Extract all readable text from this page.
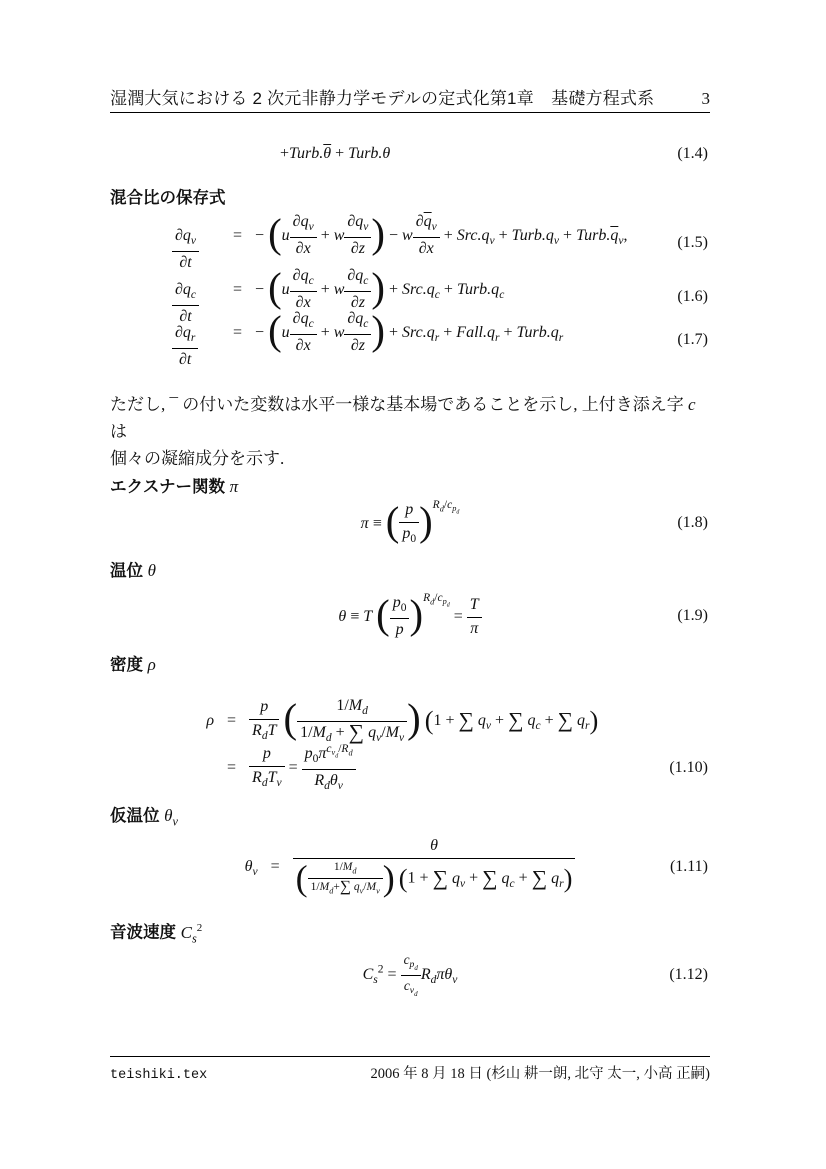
湿潤大気における 2 次元非静力学モデルの定式化第1章　基礎方程式系	3
$+Turb.\overline{\theta}$ + Turb.θ	(1.4)
混合比の保存式
$\frac{\partial q_v}{\partial t}$ = − ($u \frac{\partial q_v}{\partial x} + w \frac{\partial q_v}{\partial z}$ ) − w $\frac{\partial\overline{q}_v}{\partial x} + Src.q_v$ + $Turb.q_v$ + $Turb.\overline{q}_v$,	(1.5)
$\frac{\partial q_c}{\partial t}$ = − ($u \frac{\partial q_c}{\partial x} + w \frac{\partial q_c}{\partial z}$ ) + $Src.q_c$ + $Turb.q_c$	(1.6)
$\frac{\partial q_r}{\partial t}$ = − ($u \frac{\partial q_c}{\partial x} + w \frac{\partial q_c}{\partial z}$ ) + $Src.q_r$ + $Fall.q_r$ + $Turb.q_r$	(1.7)
ただし, ¯ の付いた変数は水平一様な基本場であることを示し, 上付き添え字 c は
個々の凝縮成分を示す.
エクスナー関数 π
π ≡ ( $\frac{p}{p_0} )^{R_d/c_{p_d}}$
(1.8)
温位 θ
θ ≡ T ( $\frac{p_0}{p} )^{R_d/c_{p_d}} = \frac{T}{\pi}$	(1.9)
密度 ρ
$\rho = \frac{p}{R_dT}$ ( $\frac{1/M_d}{1/M_d + \sum q_v/M_v}$ ) (1 + ∑ $q_v$ + ∑ $q_c$ + ∑ $q_r$)
= $\frac{p}{R_dT_v} = \frac{p_0\pi^{c_{v_d}/R_d}}{R_d\theta_v}$	(1.10)
仮温位 $\theta_v$
$\theta_v = \frac{\theta}{( \frac{1/M_d}{1/M_d+\sum q_v/M_v} ) (1 + \sum q_v + \sum q_c + \sum q_r)}$	(1.11)
音波速度 $C_s^2$
$C_s^2 = \frac{c_{p_d}}{c_{v_d}} R_d\pi\theta_v$	(1.12)
teishiki.tex	2006 年 8 月 18 日 (杉山 耕一朗, 北守 太一, 小高 正嗣)
